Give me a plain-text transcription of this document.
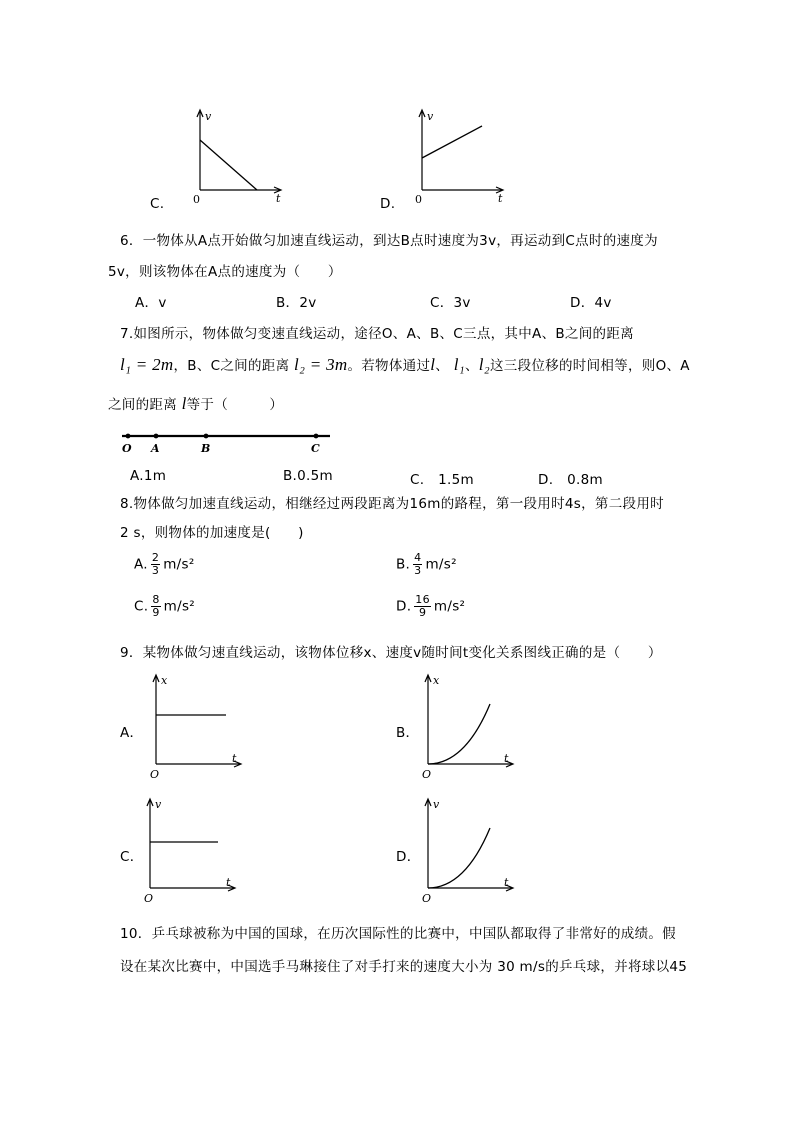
C.
v
t
0	D.
v
t
0
6．一物体从A点开始做匀加速直线运动，到达B点时速度为3v，再运动到C点时的速度为
5v，则该物体在A点的速度为（　　）
A．v	B．2v	C．3v	D．4v
7.如图所示，物体做匀变速直线运动，途径O、A、B、C三点，其中A、B之间的距离
l₁ = 2m，B、C之间的距离 l₂ = 3m。若物体通过l、 l₁、l₂这三段位移的时间相等，则O、A
之间的距离 l等于（　　　）
O A	B	C
A.1m	B.0.5m	C.　1.5m	D.　0.8m
8.物体做匀加速直线运动，相继经过两段距离为16m的路程，第一段用时4s，第二段用时
2 s，则物体的加速度是(　　)
A. $\frac{2}{3} m/s^2$	B. $\frac{4}{3} m/s^2$
C. $\frac{8}{9} m/s^2$	D. $\frac{16}{9} m/s^2$
9．某物体做匀速直线运动，该物体位移x、速度v随时间t变化关系图线正确的是（　　）
A．
x
t
O
B．
x
t
O
C．
v
t
O
D．
v
t
O
10．乒乓球被称为中国的国球，在历次国际性的比赛中，中国队都取得了非常好的成绩。假
设在某次比赛中，中国选手马琳接住了对手打来的速度大小为 30 m/s的乒乓球，并将球以45
